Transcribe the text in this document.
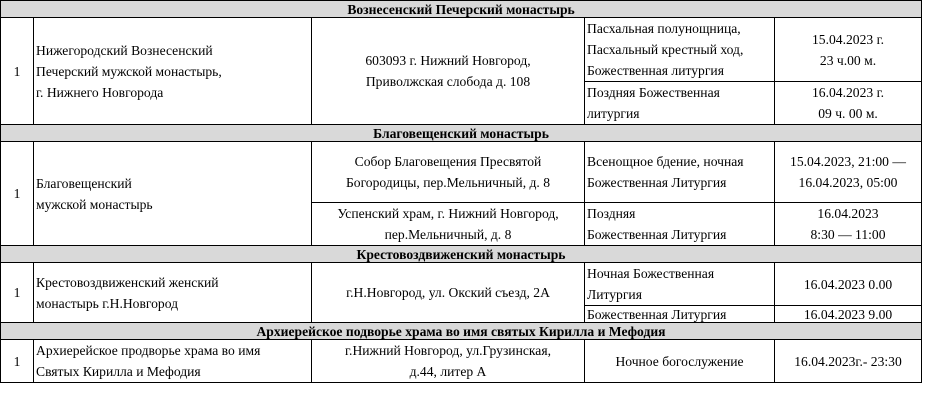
Вознесенский Печерский монастырь				
1	Нижегородский Вознесенский
Печерский мужской монастырь,
г. Нижнего Новгорода	603093 г. Нижний Новгород,
Приволжская слобода д. 108	Пасхальная полунощница,
Пасхальный крестный ход,
Божественная литургия	15.04.2023 г.
23 ч.00 м.

			Поздняя Божественная
литургия	16.04.2023 г.
09 ч. 00 м.

Благовещенский монастырь				
1	Благовещенский
мужской монастырь	Собор Благовещения Пресвятой
Богородицы, пер.Мельничный, д. 8	Всенощное бдение, ночная
Божественная Литургия	15.04.2023, 21:00 —
16.04.2023, 05:00

		Успенский храм, г. Нижний Новгород,
пер.Мельничный, д. 8	Поздняя
Божественная Литургия	16.04.2023
8:30 — 11:00

Крестовоздвиженский монастырь				
1	Крестовоздвиженский женский
монастырь г.Н.Новгород	г.Н.Новгород, ул. Окский съезд, 2А	Ночная Божественная
Литургия	16.04.2023 0.00

			Божественная Литургия	16.04.2023 9.00

Архиерейское подворье храма во имя святых Кирилла и Мефодия				
1	Архиерейское продворье храма во имя
Святых Кирилла и Мефодия	г.Нижний Новгород, ул.Грузинская,
д.44, литер А	Ночное богослужение	16.04.2023г.- 23:30
